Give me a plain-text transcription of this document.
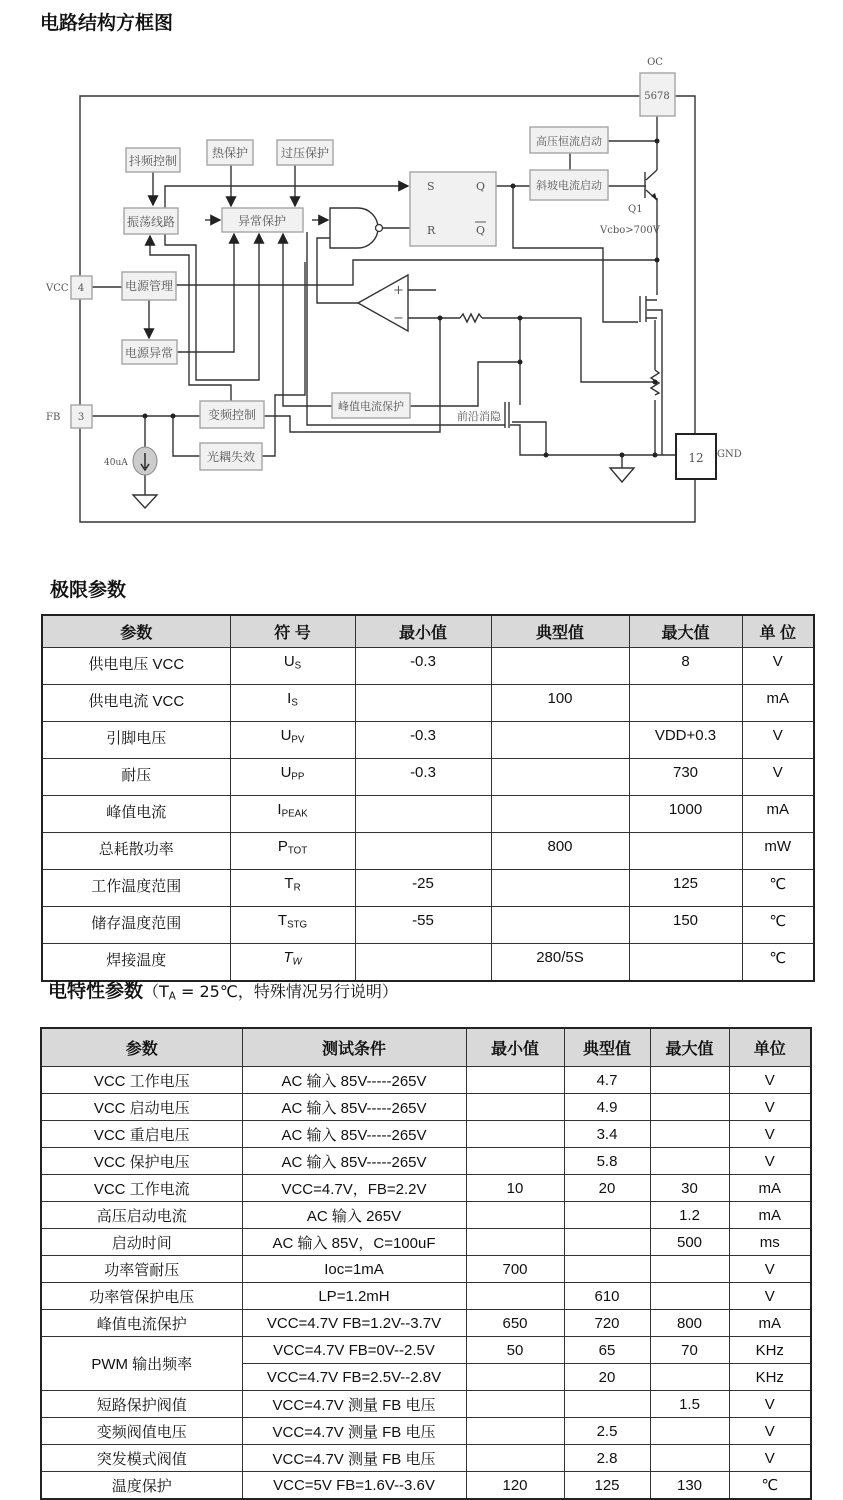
电路结构方框图
抖频控制
热保护	过压保护
振荡线路	异常保护
S
R
Q
Q
高压恒流启动
斜坡电流启动
OC
5678
Q1
Vcbo>700V
VCC 4	电源管理
电源异常
+
−
FB 3	变频控制
光耦失效
峰值电流保护
前沿消隐
40uA	12 GND
极限参数
参数	符 号	最小值	典型值	最大值	单 位
供电电压 VCC	$U_S$	-0.3		8	V
供电电流 VCC	$I_S$		100		mA
引脚电压	$U_{PV}$	-0.3		VDD+0.3	V
耐压	$U_{PP}$	-0.3		730	V
峰值电流	$I_{PEAK}$			1000	mA
总耗散功率	$P_{TOT}$		800		mW
工作温度范围	$T_R$	-25		125	℃
储存温度范围	$T_{STG}$	-55		150	℃
焊接温度	$T_W$		280/5S		℃
电特性参数（$T_A$ = 25℃，特殊情况另行说明）
参数	测试条件	最小值	典型值	最大值	单位
VCC 工作电压	AC 输入 85V-----265V		4.7		V
VCC 启动电压	AC 输入 85V-----265V		4.9		V
VCC 重启电压	AC 输入 85V-----265V		3.4		V
VCC 保护电压	AC 输入 85V-----265V		5.8		V
VCC 工作电流	VCC=4.7V，FB=2.2V	10	20	30	mA
高压启动电流	AC 输入 265V			1.2	mA
启动时间	AC 输入 85V，C=100uF			500	ms
功率管耐压	Ioc=1mA	700			V
功率管保护电压	LP=1.2mH		610		V
峰值电流保护	VCC=4.7V FB=1.2V--3.7V	650	720	800	mA
PWM 输出频率	VCC=4.7V FB=0V--2.5V	50	65	70	KHz
	VCC=4.7V FB=2.5V--2.8V		20		KHz
短路保护阀值	VCC=4.7V 测量 FB 电压			1.5	V
变频阀值电压	VCC=4.7V 测量 FB 电压		2.5		V
突发模式阀值	VCC=4.7V 测量 FB 电压		2.8		V
温度保护	VCC=5V FB=1.6V--3.6V	120	125	130	℃
